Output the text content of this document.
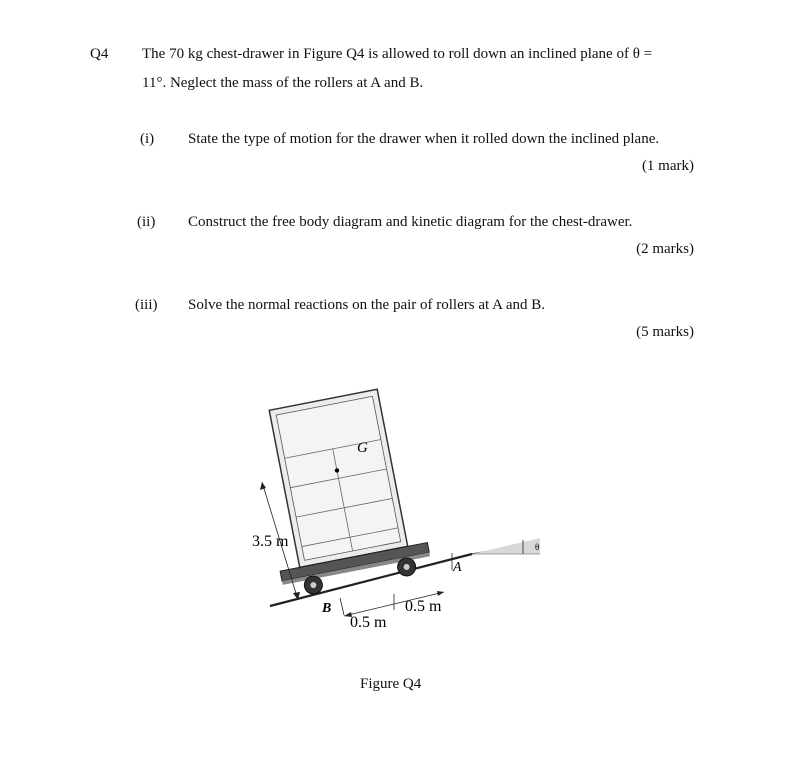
Q4 The 70 kg chest-drawer in Figure Q4 is allowed to roll down an inclined plane of θ =
11°. Neglect the mass of the rollers at A and B.
(i) State the type of motion for the drawer when it rolled down the inclined plane.
(1 mark)
(ii) Construct the free body diagram and kinetic diagram for the chest-drawer.
(2 marks)
(iii) Solve the normal reactions on the pair of rollers at A and B.
(5 marks)
θ
G
A
B
3.5 m
0.5 m
0.5 m
Figure Q4
